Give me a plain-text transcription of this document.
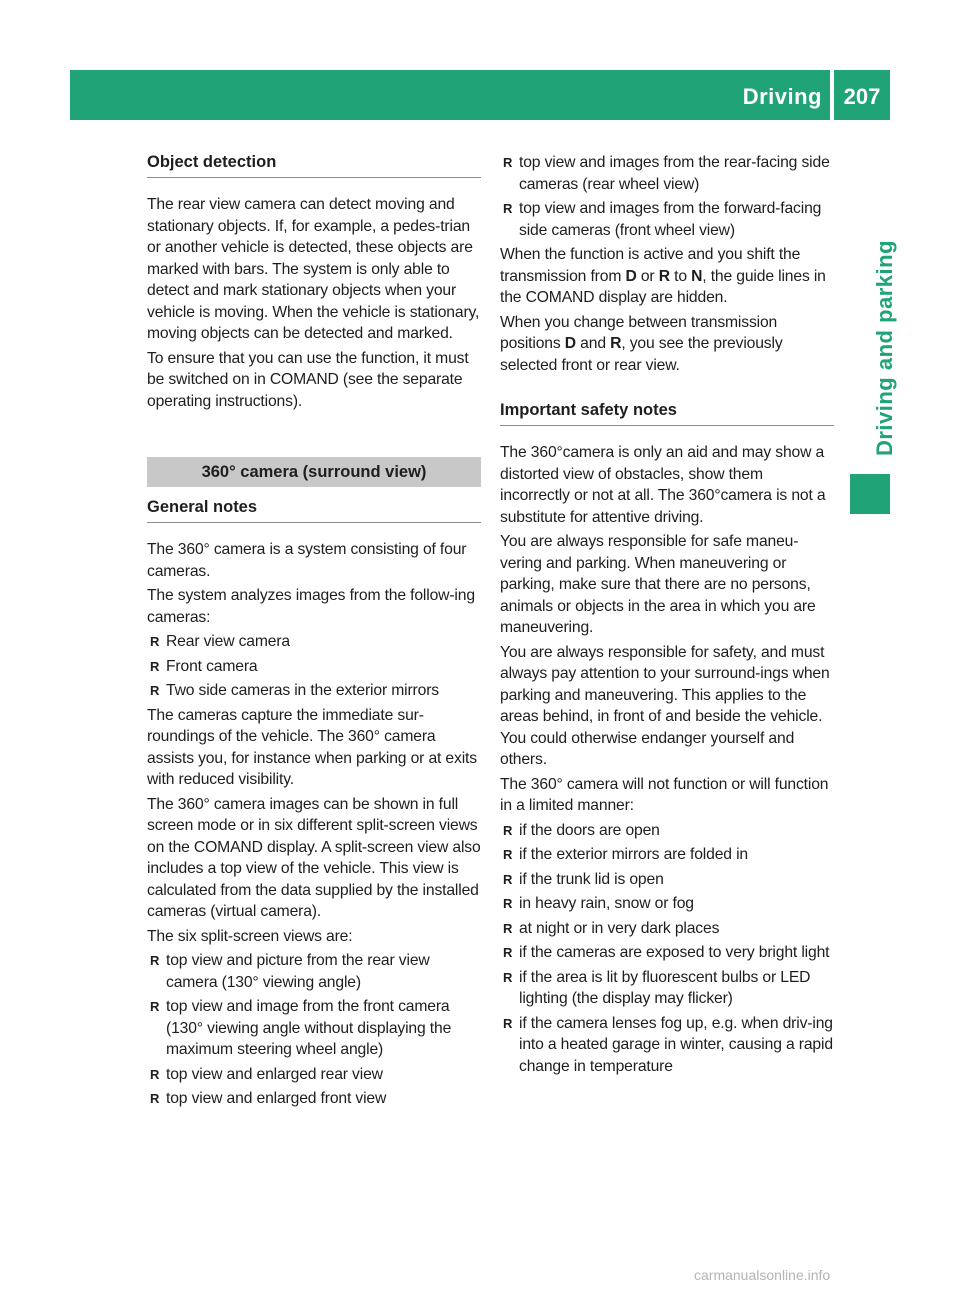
Driving systems
207
Driving and parking
Object detection

The rear view camera can detect moving and stationary objects. If, for example, a pedes-trian or another vehicle is detected, these objects are marked with bars. The system is only able to detect and mark stationary objects when your vehicle is moving. When the vehicle is stationary, moving objects can be detected and marked.

To ensure that you can use the function, it must be switched on in COMAND (see the separate operating instructions).

360° camera (surround view)
General notes

The 360° camera is a system consisting of four cameras.

The system analyzes images from the follow-ing cameras:

R Rear view camera
R Front camera
R Two side cameras in the exterior mirrors

The cameras capture the immediate sur-roundings of the vehicle. The 360° camera assists you, for instance when parking or at exits with reduced visibility.

The 360° camera images can be shown in full screen mode or in six different split-screen views on the COMAND display. A split-screen view also includes a top view of the vehicle. This view is calculated from the data supplied by the installed cameras (virtual camera).

The six split-screen views are:

R top view and picture from the rear view camera (130° viewing angle)
R top view and image from the front camera (130° viewing angle without displaying the maximum steering wheel angle)
R top view and enlarged rear view
R top view and enlarged front view
R top view and images from the rear-facing side cameras (rear wheel view)
R top view and images from the forward-facing side cameras (front wheel view)

When the function is active and you shift the transmission from D or R to N, the guide lines in the COMAND display are hidden.

When you change between transmission positions D and R, you see the previously selected front or rear view.

Important safety notes

The 360°camera is only an aid and may show a distorted view of obstacles, show them incorrectly or not at all. The 360°camera is not a substitute for attentive driving.

You are always responsible for safe maneu-vering and parking. When maneuvering or parking, make sure that there are no persons, animals or objects in the area in which you are maneuvering.

You are always responsible for safety, and must always pay attention to your surround-ings when parking and maneuvering. This applies to the areas behind, in front of and beside the vehicle. You could otherwise endanger yourself and others.

The 360° camera will not function or will function in a limited manner:

R if the doors are open
R if the exterior mirrors are folded in
R if the trunk lid is open
R in heavy rain, snow or fog
R at night or in very dark places
R if the cameras are exposed to very bright light
R if the area is lit by fluorescent bulbs or LED lighting (the display may flicker)
R if the camera lenses fog up, e.g. when driv-ing into a heated garage in winter, causing a rapid change in temperature
carmanualsonline.info
